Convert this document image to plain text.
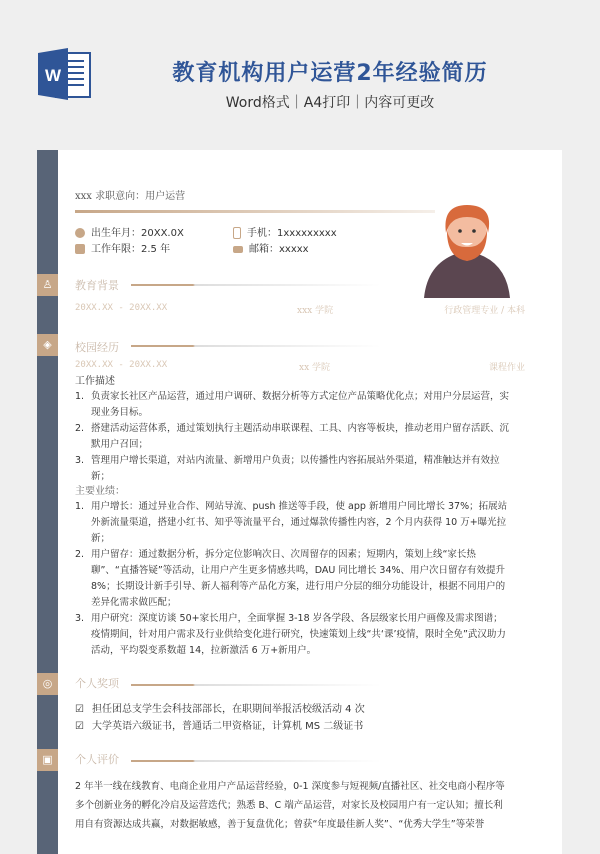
W	教育机构用户运营2年经验简历
Word格式｜A4打印｜内容可更改
工作描述
1. 负责家长社区产品运营，通过用户调研、数据分析等方式定位产品策略优化点；对用户分层运营，实现业务目标。
2. 搭建活动运营体系，通过策划执行主题活动串联课程、工具、内容等板块，推动老用户留存活跃、沉默用户召回；
3. 管理用户增长渠道，对站内流量、新增用户负责；以传播性内容拓展站外渠道，精准触达并有效拉新；
主要业绩：
1. 用户增长：通过异业合作、网站导流、push 推送等手段，使 app 新增用户同比增长 37%；拓展站外新流量渠道，搭建小红书、知乎等流量平台，通过爆款传播性内容，2 个月内获得 10 万+曝光拉新；
2. 用户留存：通过数据分析，拆分定位影响次日、次周留存的因素；短期内，策划上线“家长热聊”、“直播答疑”等活动，让用户产生更多情感共鸣，DAU 同比增长 34%、用户次日留存有效提升 8%；长期设计新手引导、新人福利等产品化方案，进行用户分层的细分功能设计，根据不同用户的差异化需求做匹配；
3. 用户研究：深度访谈 50+家长用户，全面掌握 3-18 岁各学段、各层级家长用户画像及需求图谱；疫情期间，针对用户需求及行业供给变化进行研究，快速策划上线“共‘课’疫情，限时全免”武汉助力活动，平均裂变系数超 14，拉新激活 6 万+新用户。
◎	个人奖项
☑ 担任团总支学生会科技部部长，在职期间举报活校级活动 4 次
☑ 大学英语六级证书，普通话二甲资格证，计算机 MS 二级证书
▣	个人评价
2 年半一线在线教育、电商企业用户产品运营经验，0-1 深度参与短视频/直播社区、社交电商小程序等多个创新业务的孵化冷启及运营迭代；熟悉 B、C 端产品运营，对家长及校园用户有一定认知；擅长利用自有资源达成共赢，对数据敏感，善于复盘优化；曾获“年度最佳新人奖”、“优秀大学生”等荣誉
xxx 求职意向：用户运营
出生年月：20XX.0X
工作年限：2.5 年
手机：1xxxxxxxxx
邮箱：xxxxx
♙	教育背景
20XX.XX - 20XX.XX	xxx 学院	行政管理专业 / 本科
◈	校园经历
20XX.XX - 20XX.XX	xx 学院	课程作业
